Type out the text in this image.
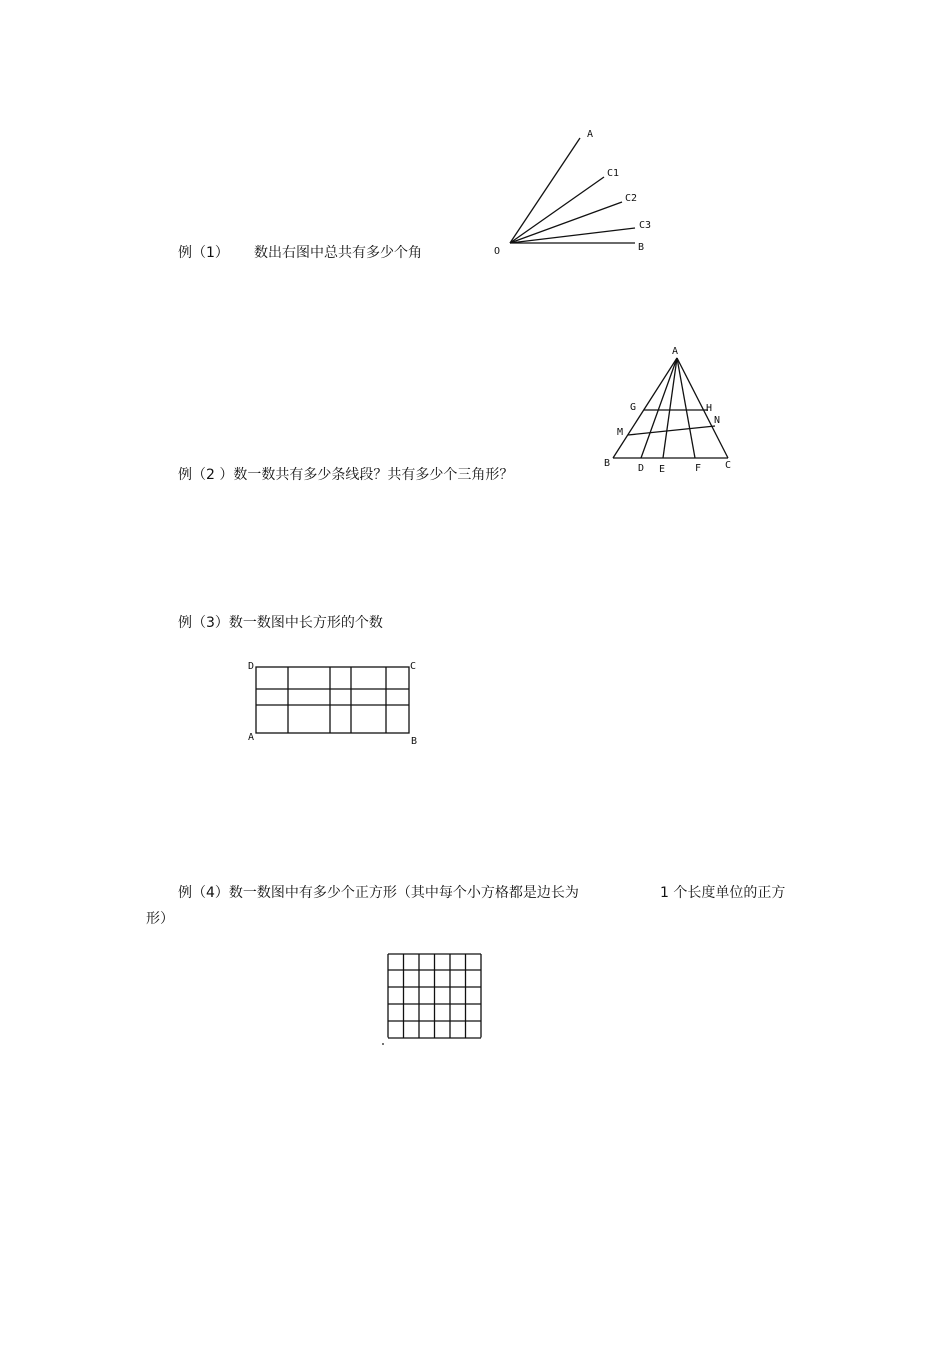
例（1） 数出右图中总共有多少个角
A
C1
C2
C3
O	B
例（2 ）数一数共有多少条线段？共有多少个三角形？
A
G	H
N
M
B	D E	F C
例（3）数一数图中长方形的个数
D	C
A	B
例（4）数一数图中有多少个正方形（其中每个小方格都是边长为	1 个长度单位的正方
形）
